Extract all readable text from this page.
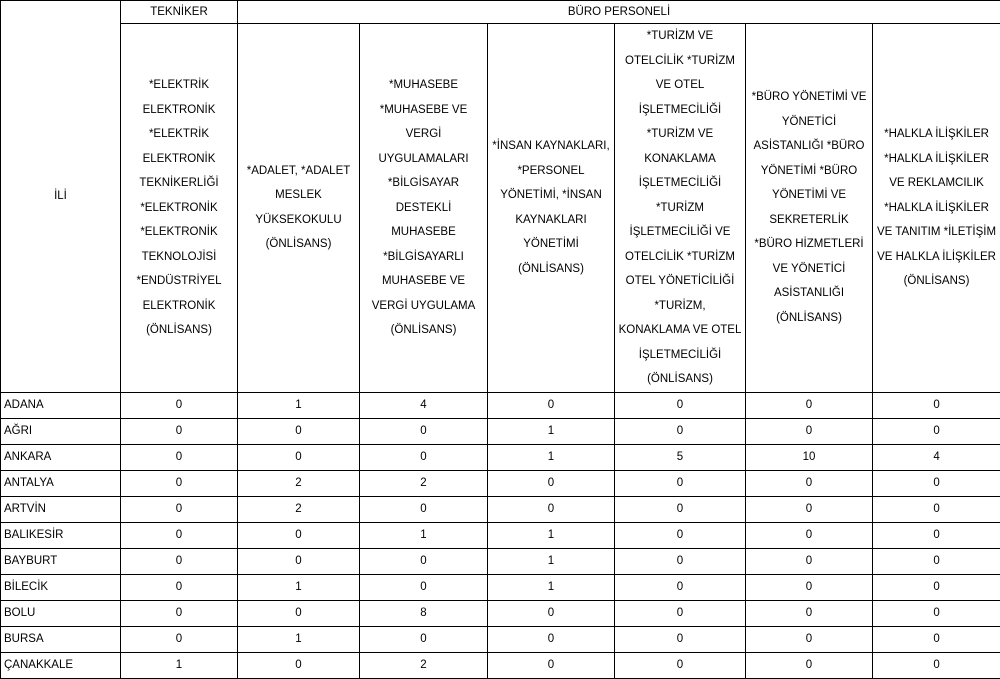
İLİ	TEKNİKER	BÜRO PERSONELİ					
	*ELEKTRİK ELEKTRONİK *ELEKTRİK ELEKTRONİK TEKNİKERLİĞİ *ELEKTRONİK *ELEKTRONİK TEKNOLOJİSİ *ENDÜSTRİYEL ELEKTRONİK (ÖNLİSANS)	*ADALET, *ADALET MESLEK YÜKSEKOKULU (ÖNLİSANS)	*MUHASEBE *MUHASEBE VE VERGİ UYGULAMALARI *BİLGİSAYAR DESTEKLİ MUHASEBE *BİLGİSAYARLI MUHASEBE VE VERGİ UYGULAMA (ÖNLİSANS)	*İNSAN KAYNAKLARI, *PERSONEL YÖNETİMİ, *İNSAN KAYNAKLARI YÖNETİMİ (ÖNLİSANS)	*TURİZM VE OTELCİLİK *TURİZM VE OTEL İŞLETMECİLİĞİ *TURİZM VE KONAKLAMA İŞLETMECİLİĞİ *TURİZM İŞLETMECİLİĞİ VE OTELCİLİK *TURİZM OTEL YÖNETİCİLİĞİ *TURİZM, KONAKLAMA VE OTEL İŞLETMECİLİĞİ (ÖNLİSANS)	*BÜRO YÖNETİMİ VE YÖNETİCİ ASİSTANLIĞI *BÜRO YÖNETİMİ *BÜRO YÖNETİMİ VE SEKRETERLİK *BÜRO HİZMETLERİ VE YÖNETİCİ ASİSTANLIĞI (ÖNLİSANS)	*HALKLA İLİŞKİLER *HALKLA İLİŞKİLER VE REKLAMCILIK *HALKLA İLİŞKİLER VE TANITIM *İLETİŞİM VE HALKLA İLİŞKİLER (ÖNLİSANS)
ADANA	0	1	4	0	0	0	0
AĞRI	0	0	0	1	0	0	0
ANKARA	0	0	0	1	5	10	4
ANTALYA	0	2	2	0	0	0	0
ARTVİN	0	2	0	0	0	0	0
BALIKESİR	0	0	1	1	0	0	0
BAYBURT	0	0	0	1	0	0	0
BİLECİK	0	1	0	1	0	0	0
BOLU	0	0	8	0	0	0	0
BURSA	0	1	0	0	0	0	0
ÇANAKKALE	1	0	2	0	0	0	0
